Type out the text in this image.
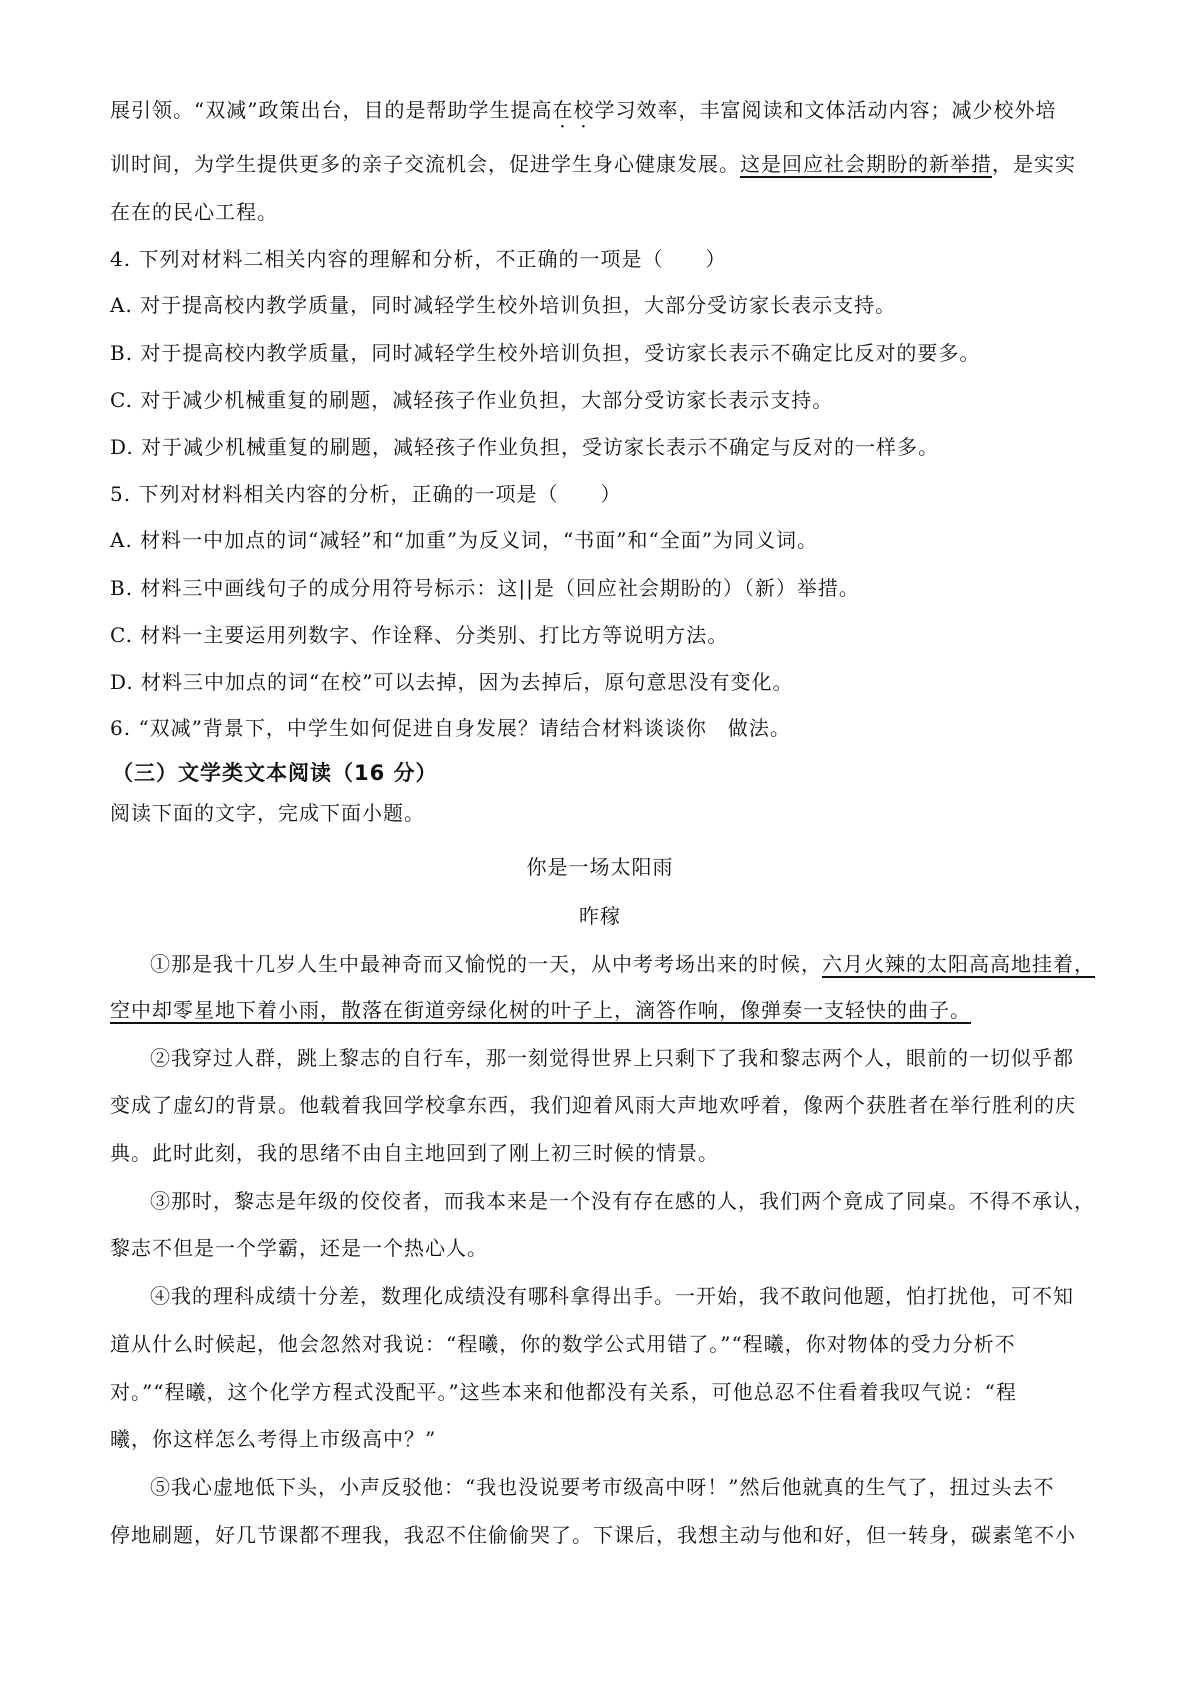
展引领。“双减”政策出台，目的是帮助学生提高在校学习效率，丰富阅读和文体活动内容；减少校外培
训时间，为学生提供更多的亲子交流机会，促进学生身心健康发展。这是回应社会期盼的新举措，是实实
在在的民心工程。
4. 下列对材料二相关内容的理解和分析，不正确的一项是（　　）
A. 对于提高校内教学质量，同时减轻学生校外培训负担，大部分受访家长表示支持。
B. 对于提高校内教学质量，同时减轻学生校外培训负担，受访家长表示不确定比反对的要多。
C. 对于减少机械重复的刷题，减轻孩子作业负担，大部分受访家长表示支持。
D. 对于减少机械重复的刷题，减轻孩子作业负担，受访家长表示不确定与反对的一样多。
5. 下列对材料相关内容的分析，正确的一项是（　　）
A. 材料一中加点的词“减轻”和“加重”为反义词，“书面”和“全面”为同义词。
B. 材料三中画线句子的成分用符号标示：这||是（回应社会期盼的）（新）举措。
C. 材料一主要运用列数字、作诠释、分类别、打比方等说明方法。
D. 材料三中加点的词“在校”可以去掉，因为去掉后，原句意思没有变化。
6. “双减”背景下，中学生如何促进自身发展？请结合材料谈谈你　做法。
（三）文学类文本阅读（16 分）
阅读下面的文字，完成下面小题。
你是一场太阳雨
昨稼
①那是我十几岁人生中最神奇而又愉悦的一天，从中考考场出来的时候，六月火辣的太阳高高地挂着，
空中却零星地下着小雨，散落在街道旁绿化树的叶子上，滴答作响，像弹奏一支轻快的曲子。
②我穿过人群，跳上黎志的自行车，那一刻觉得世界上只剩下了我和黎志两个人，眼前的一切似乎都
变成了虚幻的背景。他载着我回学校拿东西，我们迎着风雨大声地欢呼着，像两个获胜者在举行胜利的庆
典。此时此刻，我的思绪不由自主地回到了刚上初三时候的情景。
③那时，黎志是年级的佼佼者，而我本来是一个没有存在感的人，我们两个竟成了同桌。不得不承认，
黎志不但是一个学霸，还是一个热心人。
④我的理科成绩十分差，数理化成绩没有哪科拿得出手。一开始，我不敢问他题，怕打扰他，可不知
道从什么时候起，他会忽然对我说：“程曦，你的数学公式用错了。”“程曦，你对物体的受力分析不
对。”“程曦，这个化学方程式没配平。”这些本来和他都没有关系，可他总忍不住看着我叹气说：“程
曦，你这样怎么考得上市级高中？”
⑤我心虚地低下头，小声反驳他：“我也没说要考市级高中呀！”然后他就真的生气了，扭过头去不
停地刷题，好几节课都不理我，我忍不住偷偷哭了。下课后，我想主动与他和好，但一转身，碳素笔不小
